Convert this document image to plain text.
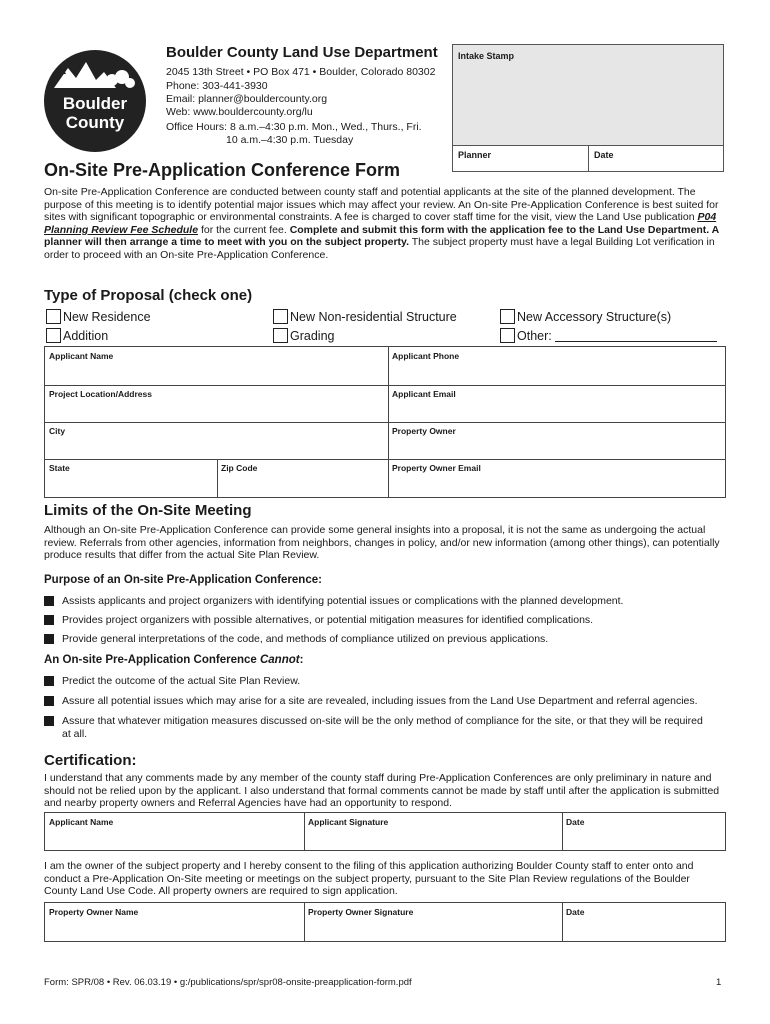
Boulder
County
Boulder County Land Use Department
2045 13th Street • PO Box 471 • Boulder, Colorado 80302
Phone: 303-441-3930
Email: planner@bouldercounty.org
Web: www.bouldercounty.org/lu
Office Hours: 8 a.m.–4:30 p.m. Mon., Wed., Thurs., Fri.
10 a.m.–4:30 p.m. Tuesday
Intake Stamp
Planner	Date
On-Site Pre-Application Conference Form
On-site Pre-Application Conference are conducted between county staff and potential applicants at the site of the planned development. The purpose of this meeting is to identify potential major issues which may affect your review. An On-site Pre-Application Conference is best suited for sites with significant topographic or environmental constraints. A fee is charged to cover staff time for the visit, view the Land Use publication P04 Planning Review Fee Schedule for the current fee. Complete and submit this form with the application fee to the Land Use Department. A planner will then arrange a time to meet with you on the subject property. The subject property must have a legal Building Lot verification in order to proceed with an On-site Pre-Application Conference.
Type of Proposal (check one)
New Residence	New Non-residential Structure	New Accessory Structure(s)
Addition	Grading	Other:
Applicant Name	Applicant Phone
Project Location/Address	Applicant Email
City	Property Owner
State	Zip Code	Property Owner Email
Limits of the On-Site Meeting
Although an On-site Pre-Application Conference can provide some general insights into a proposal, it is not the same as undergoing the actual review. Referrals from other agencies, information from neighbors, changes in policy, and/or new information (among other things), can potentially produce results that differ from the actual Site Plan Review.
Purpose of an On-site Pre-Application Conference:
Assists applicants and project organizers with identifying potential issues or complications with the planned development.
Provides project organizers with possible alternatives, or potential mitigation measures for identified complications.
Provide general interpretations of the code, and methods of compliance utilized on previous applications.
An On-site Pre-Application Conference Cannot:
Predict the outcome of the actual Site Plan Review.
Assure all potential issues which may arise for a site are revealed, including issues from the Land Use Department and referral agencies.
Assure that whatever mitigation measures discussed on-site will be the only method of compliance for the site, or that they will be required at all.
Certification:
I understand that any comments made by any member of the county staff during Pre-Application Conferences are only preliminary in nature and should not be relied upon by the applicant. I also understand that formal comments cannot be made by staff until after the application is submitted and nearby property owners and Referral Agencies have had an opportunity to respond.
Applicant Name	Applicant Signature	Date
I am the owner of the subject property and I hereby consent to the filing of this application authorizing Boulder County staff to enter onto and conduct a Pre-Application On-Site meeting or meetings on the subject property, pursuant to the Site Plan Review regulations of the Boulder County Land Use Code. All property owners are required to sign application.
Property Owner Name	Property Owner Signature	Date
Form: SPR/08 • Rev. 06.03.19 • g:/publications/spr/spr08-onsite-preapplication-form.pdf	1
